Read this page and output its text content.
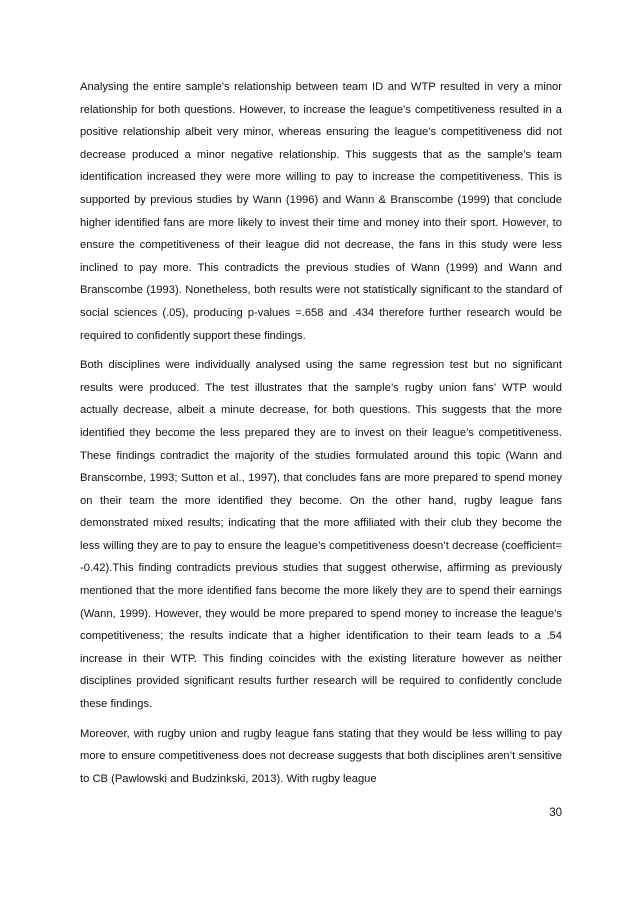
Analysing the entire sample’s relationship between team ID and WTP resulted in very a minor relationship for both questions. However, to increase the league’s competitiveness resulted in a positive relationship albeit very minor, whereas ensuring the league’s competitiveness did not decrease produced a minor negative relationship. This suggests that as the sample’s team identification increased they were more willing to pay to increase the competitiveness. This is supported by previous studies by Wann (1996) and Wann & Branscombe (1999) that conclude higher identified fans are more likely to invest their time and money into their sport. However, to ensure the competitiveness of their league did not decrease, the fans in this study were less inclined to pay more. This contradicts the previous studies of Wann (1999) and Wann and Branscombe (1993). Nonetheless, both results were not statistically significant to the standard of social sciences (.05), producing p-values =.658 and .434 therefore further research would be required to confidently support these findings.

Both disciplines were individually analysed using the same regression test but no significant results were produced. The test illustrates that the sample’s rugby union fans’ WTP would actually decrease, albeit a minute decrease, for both questions. This suggests that the more identified they become the less prepared they are to invest on their league’s competitiveness. These findings contradict the majority of the studies formulated around this topic (Wann and Branscombe, 1993; Sutton et al., 1997), that concludes fans are more prepared to spend money on their team the more identified they become. On the other hand, rugby league fans demonstrated mixed results; indicating that the more affiliated with their club they become the less willing they are to pay to ensure the league’s competitiveness doesn’t decrease (coefficient= -0.42).This finding contradicts previous studies that suggest otherwise, affirming as previously mentioned that the more identified fans become the more likely they are to spend their earnings (Wann, 1999). However, they would be more prepared to spend money to increase the league’s competitiveness; the results indicate that a higher identification to their team leads to a .54 increase in their WTP. This finding coincides with the existing literature however as neither disciplines provided significant results further research will be required to confidently conclude these findings.

Moreover, with rugby union and rugby league fans stating that they would be less willing to pay more to ensure competitiveness does not decrease suggests that both disciplines aren’t sensitive to CB (Pawlowski and Budzinkski, 2013). With rugby league

30
